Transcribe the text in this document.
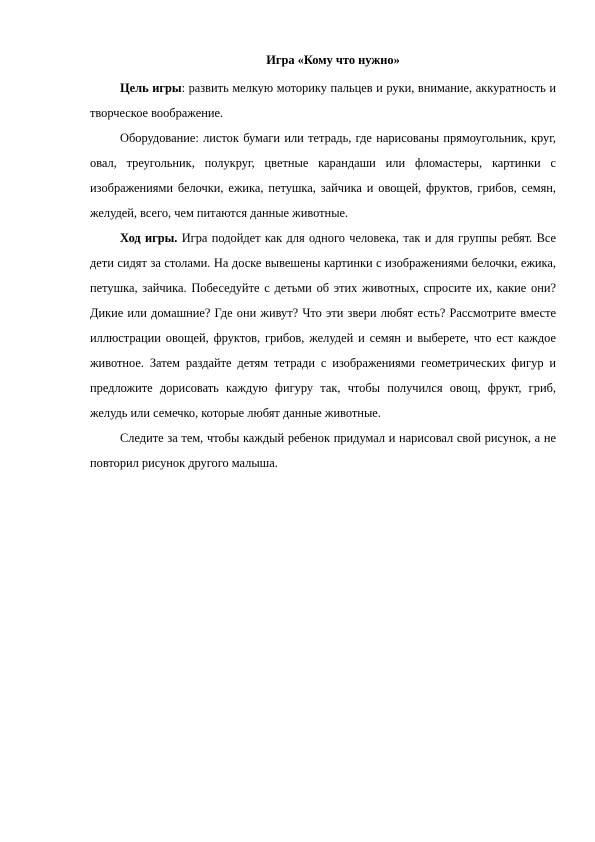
Игра «Кому что нужно»

Цель игры: развить мелкую моторику пальцев и руки, внимание, аккуратность и творческое воображение.

Оборудование: листок бумаги или тетрадь, где нарисованы прямоугольник, круг, овал, треугольник, полукруг, цветные карандаши или фломастеры, картинки с изображениями белочки, ежика, петушка, зайчика и овощей, фруктов, грибов, семян, желудей, всего, чем питаются данные животные.

Ход игры. Игра подойдет как для одного человека, так и для группы ребят. Все дети сидят за столами. На доске вывешены картинки с изображениями белочки, ежика, петушка, зайчика. Побеседуйте с детьми об этих животных, спросите их, какие они? Дикие или домашние? Где они живут? Что эти звери любят есть? Рассмотрите вместе иллюстрации овощей, фруктов, грибов, желудей и семян и выберете, что ест каждое животное. Затем раздайте детям тетради с изображениями геометрических фигур и предложите дорисовать каждую фигуру так, чтобы получился овощ, фрукт, гриб, желудь или семечко, которые любят данные животные.

Следите за тем, чтобы каждый ребенок придумал и нарисовал свой рисунок, а не повторил рисунок другого малыша.
